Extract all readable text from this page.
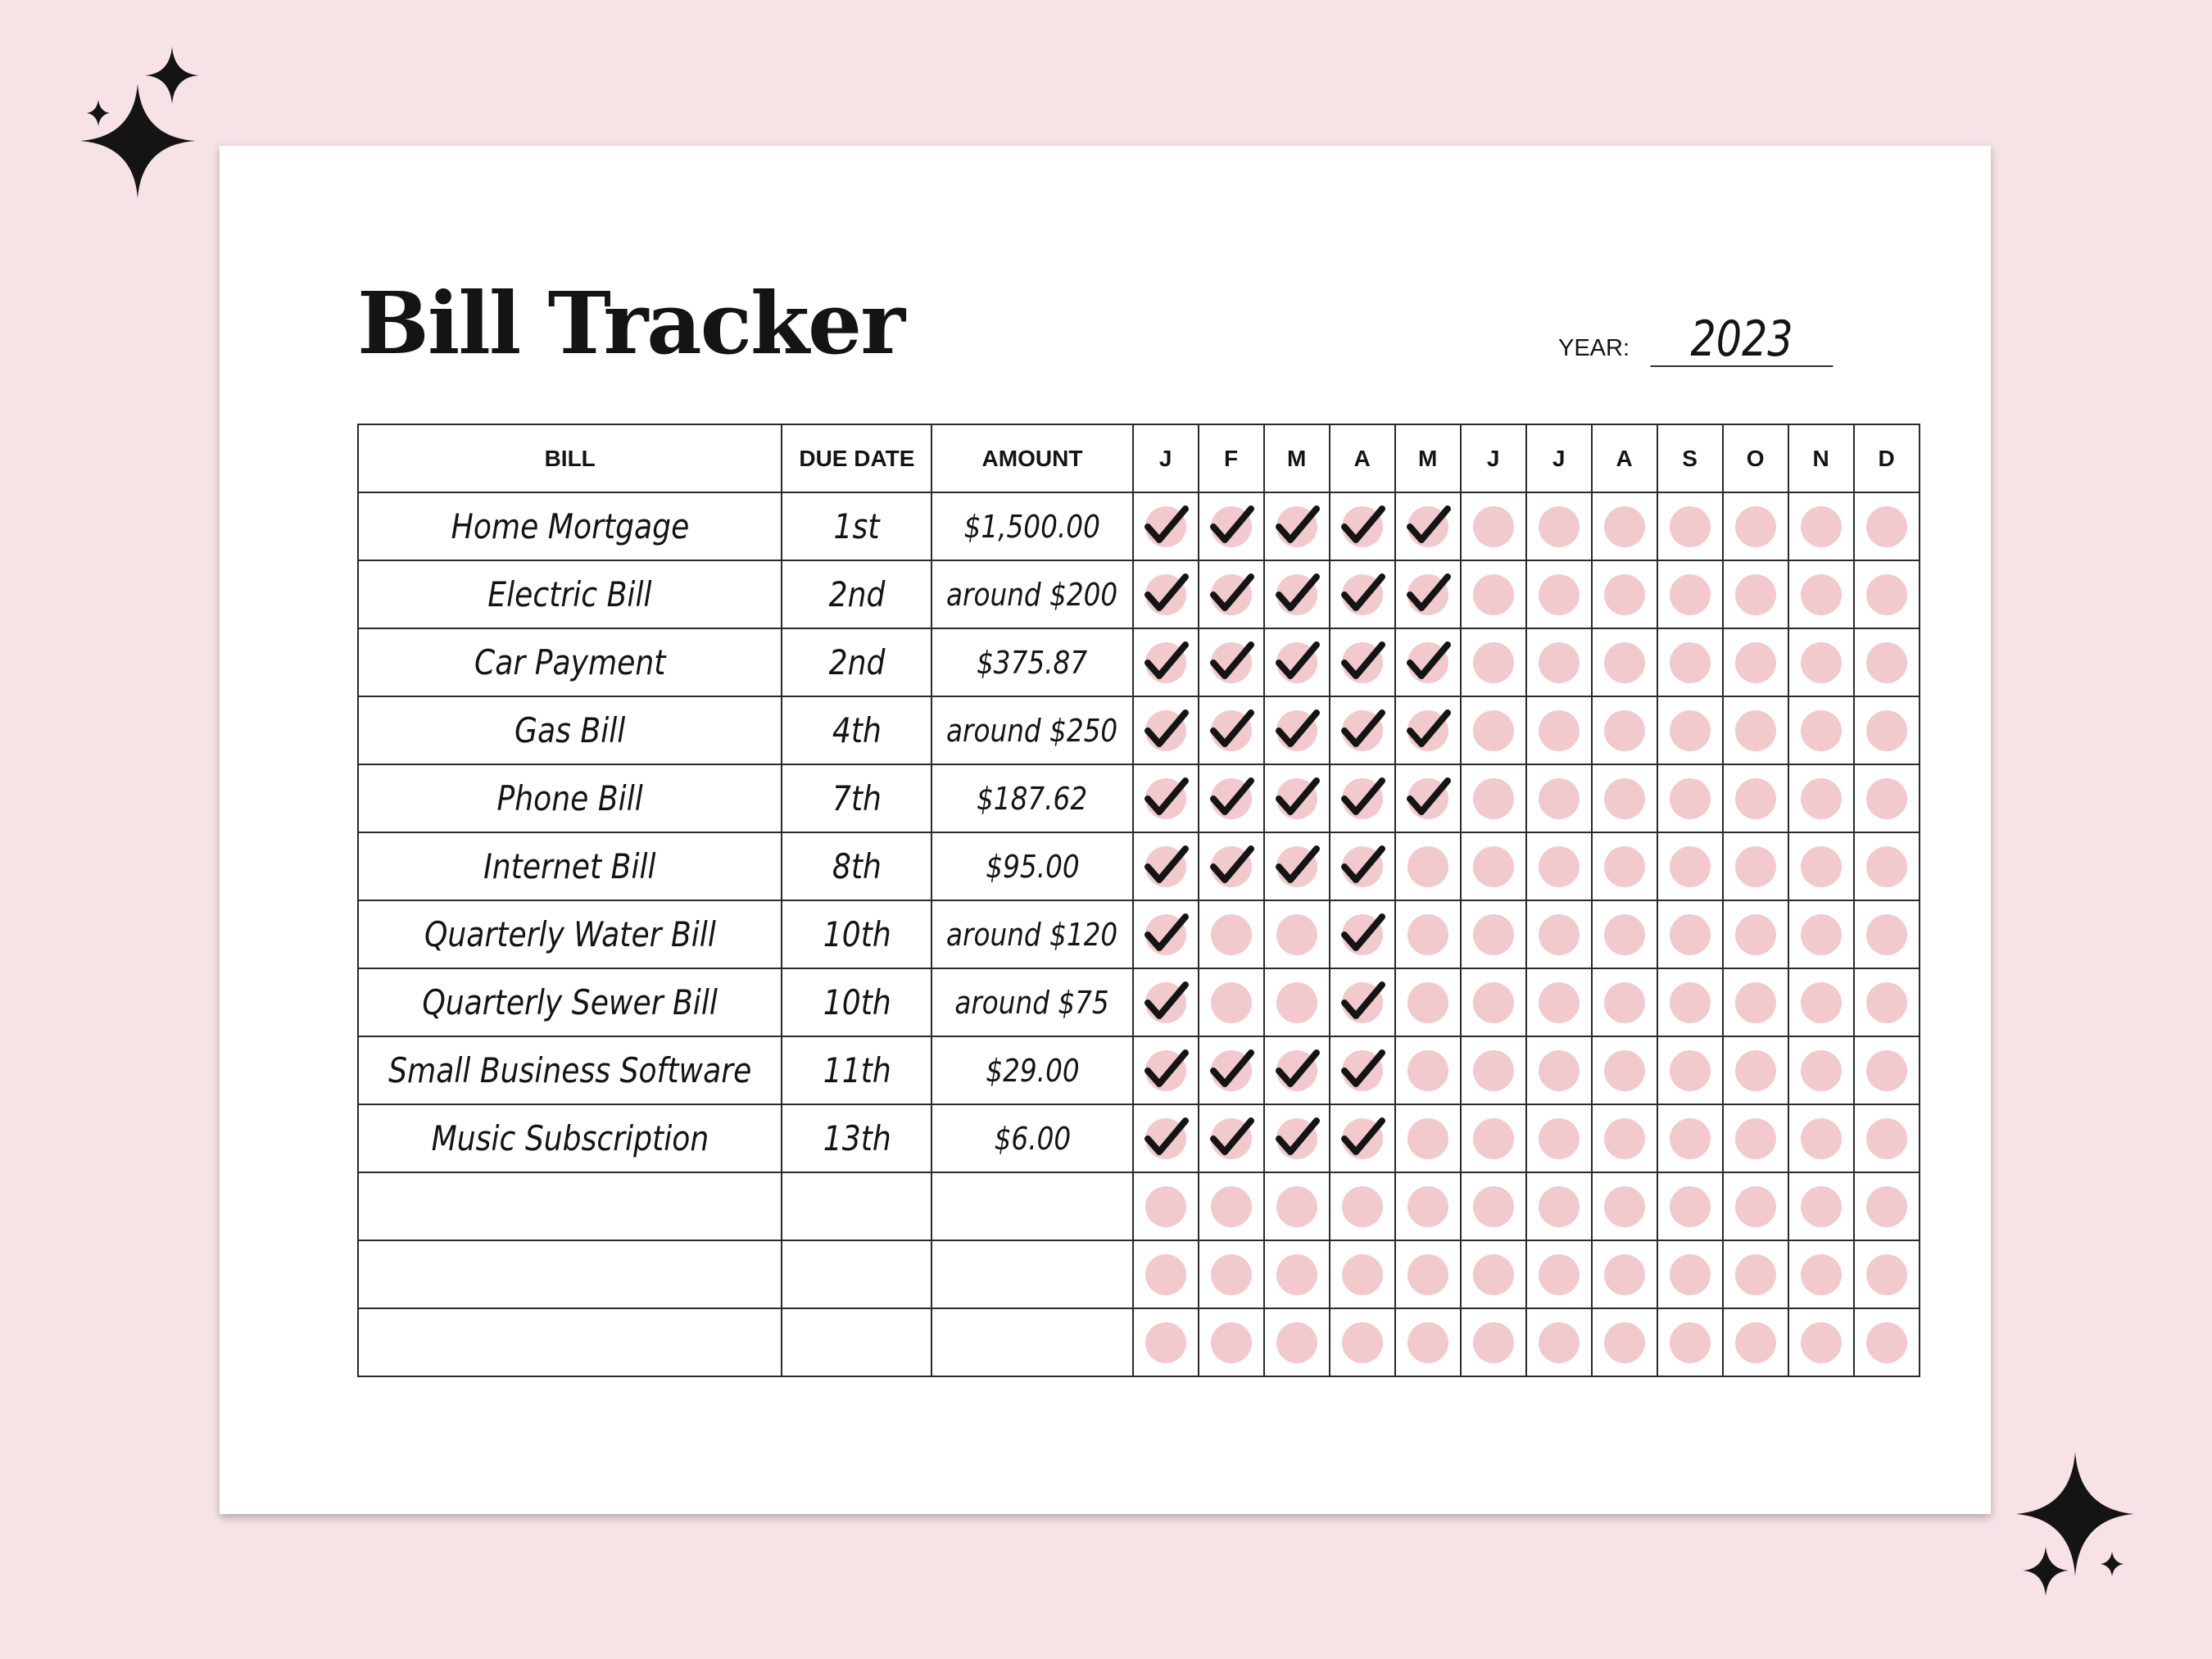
Bill Tracker	YEAR:	2023
BILL	DUE DATE	AMOUNT	J	F	M	A	M	J	J	A	S	O	N	D
Home Mortgage	1st	$1,500.00	

Electric Bill	2nd	around $200	

Car Payment	2nd	$375.87	

Gas Bill	4th	around $250	

Phone Bill	7th	$187.62	

Internet Bill	8th	$95.00	

Quarterly Water Bill	10th	around $120	

Quarterly Sewer Bill	10th	around $75	

Small Business Software	11th	$29.00	

Music Subscription	13th	$6.00	
